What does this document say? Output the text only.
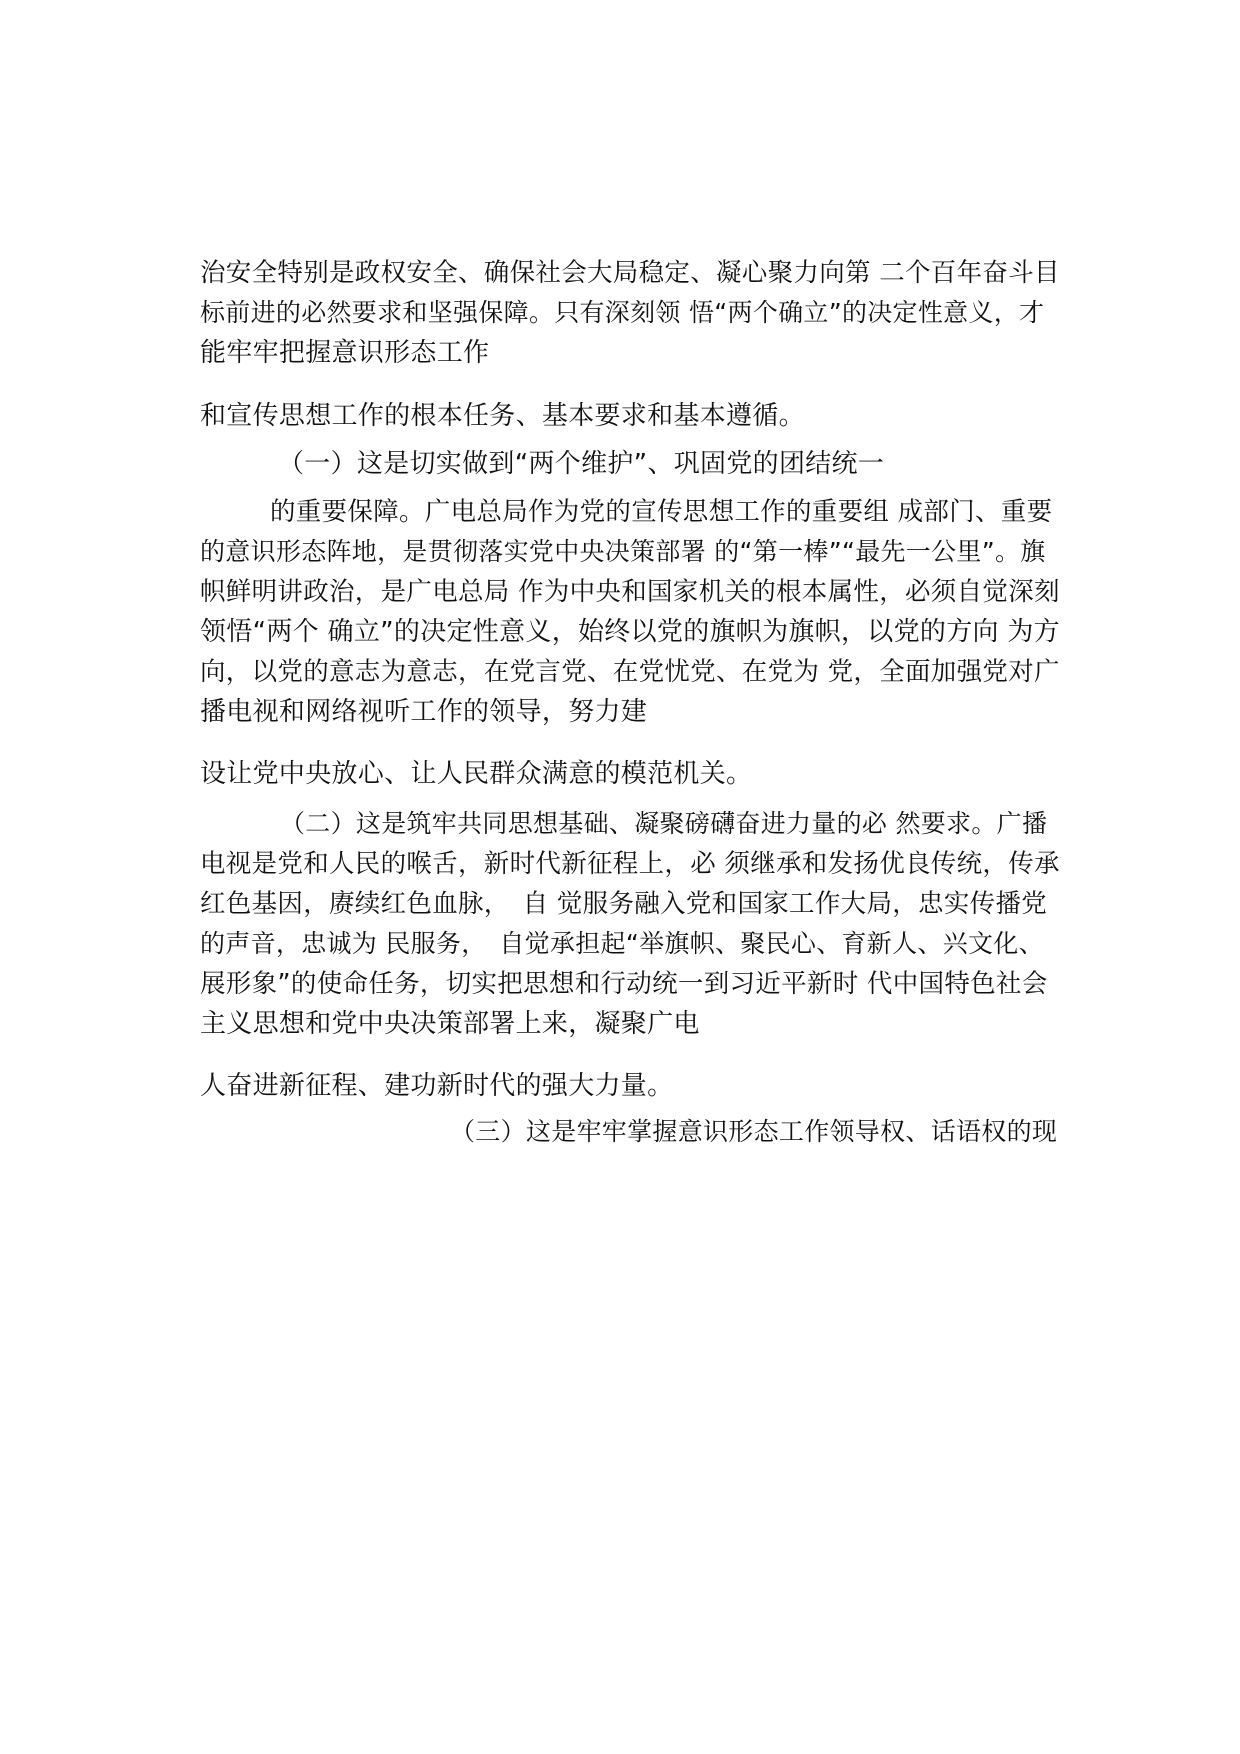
治安全特别是政权安全、确保社会大局稳定、凝心聚力向第 二个百年奋斗目

标前进的必然要求和坚强保障。只有深刻领 悟“两个确立”的决定性意义，才

能牢牢把握意识形态工作

和宣传思想工作的根本任务、基本要求和基本遵循。

（一）这是切实做到“两个维护”、巩固党的团结统一

的重要保障。广电总局作为党的宣传思想工作的重要组 成部门、重要

的意识形态阵地，是贯彻落实党中央决策部署 的“第一棒”“最先一公里”。旗

帜鲜明讲政治，是广电总局 作为中央和国家机关的根本属性，必须自觉深刻

领悟“两个 确立”的决定性意义，始终以党的旗帜为旗帜，以党的方向 为方

向，以党的意志为意志，在党言党、在党忧党、在党为 党，全面加强党对广

播电视和网络视听工作的领导，努力建

设让党中央放心、让人民群众满意的模范机关。

（二）这是筑牢共同思想基础、凝聚磅礴奋进力量的必 然要求。广播

电视是党和人民的喉舌，新时代新征程上，必 须继承和发扬优良传统，传承

红色基因，赓续红色血脉，　自 觉服务融入党和国家工作大局，忠实传播党

的声音，忠诚为 民服务，　自觉承担起“举旗帜、聚民心、育新人、兴文化、

展形象”的使命任务，切实把思想和行动统一到习近平新时 代中国特色社会

主义思想和党中央决策部署上来，凝聚广电

人奋进新征程、建功新时代的强大力量。

（三）这是牢牢掌握意识形态工作领导权、话语权的现
